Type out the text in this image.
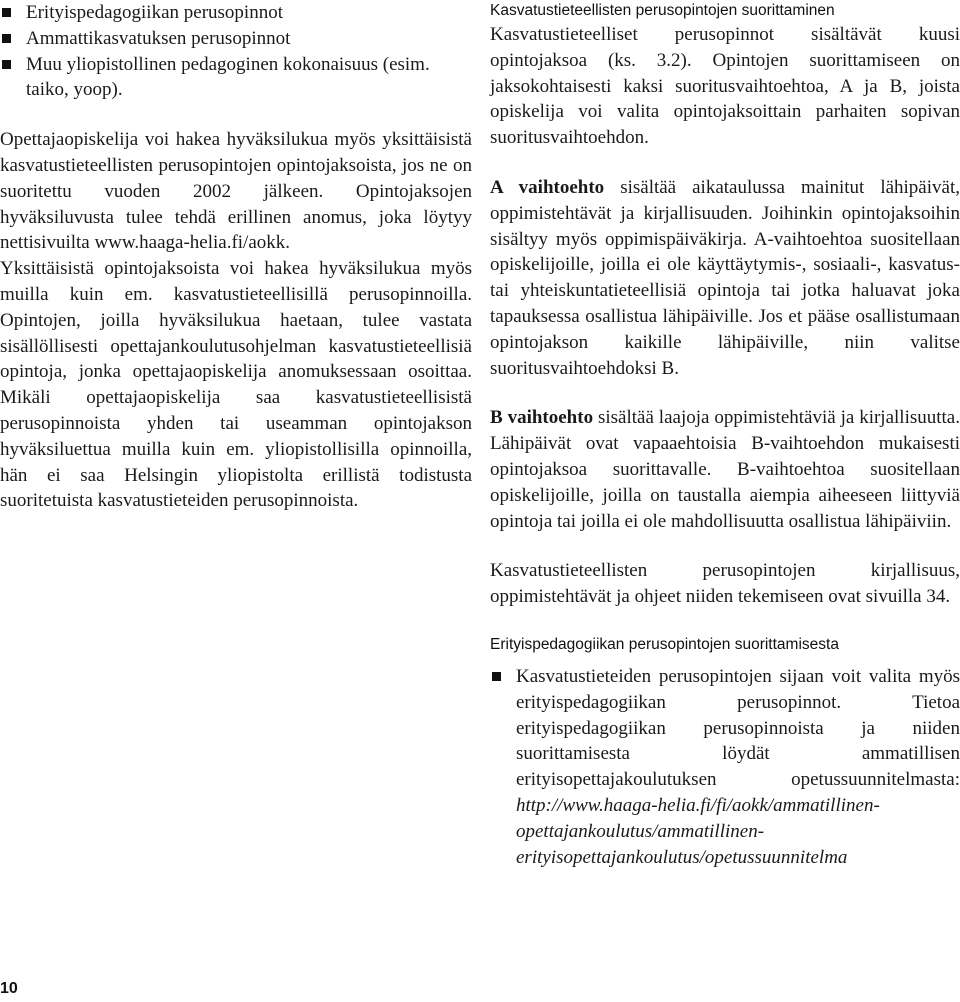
Erityispedagogiikan perusopinnot
Ammattikasvatuksen perusopinnot
Muu yliopistollinen pedagoginen kokonaisuus (esim. taiko, yoop).

Opettajaopiskelija voi hakea hyväksilukua myös yksittäisistä kasvatustieteellisten perusopintojen opintojaksoista, jos ne on suoritettu vuoden 2002 jälkeen. Opintojaksojen hyväksiluvusta tulee tehdä erillinen anomus, joka löytyy nettisivuilta www.haaga-helia.fi/aokk.

Yksittäisistä opintojaksoista voi hakea hyväksilukua myös muilla kuin em. kasvatustieteellisillä perusopinnoilla. Opintojen, joilla hyväksilukua haetaan, tulee vastata sisällöllisesti opettajankoulutusohjelman kasvatustieteellisiä opintoja, jonka opettajaopiskelija anomuksessaan osoittaa. Mikäli opettajaopiskelija saa kasvatustieteellisistä perusopinnoista yhden tai useamman opintojakson hyväksiluettua muilla kuin em. yliopistollisilla opinnoilla, hän ei saa Helsingin yliopistolta erillistä todistusta suoritetuista kasvatustieteiden perusopinnoista.

Kasvatustieteellisten perusopintojen suorittaminen

Kasvatustieteelliset perusopinnot sisältävät kuusi opintojaksoa (ks. 3.2). Opintojen suorittamiseen on jaksokohtaisesti kaksi suoritusvaihtoehtoa, A ja B, joista opiskelija voi valita opintojaksoittain parhaiten sopivan suoritusvaihtoehdon.

A vaihtoehto sisältää aikataulussa mainitut lähipäivät, oppimistehtävät ja kirjallisuuden. Joihinkin opintojaksoihin sisältyy myös oppimispäiväkirja. A-vaihtoehtoa suositellaan opiskelijoille, joilla ei ole käyttäytymis-, sosiaali-, kasvatus- tai yhteiskuntatieteellisiä opintoja tai jotka haluavat joka tapauksessa osallistua lähipäiville. Jos et pääse osallistumaan opintojakson kaikille lähipäiville, niin valitse suoritusvaihtoehdoksi B.

B vaihtoehto sisältää laajoja oppimistehtäviä ja kirjallisuutta. Lähipäivät ovat vapaaehtoisia B-vaihtoehdon mukaisesti opintojaksoa suorittavalle. B-vaihtoehtoa suositellaan opiskelijoille, joilla on taustalla aiempia aiheeseen liittyviä opintoja tai joilla ei ole mahdollisuutta osallistua lähipäiviin.

Kasvatustieteellisten perusopintojen kirjallisuus, oppimistehtävät ja ohjeet niiden tekemiseen ovat sivuilla 34.

Erityispedagogiikan perusopintojen suorittamisesta
Kasvatustieteiden perusopintojen sijaan voit valita myös erityispedagogiikan perusopinnot. Tietoa erityispedagogiikan perusopinnoista ja niiden suorittamisesta löydät ammatillisen erityisopettajakoulutuksen opetussuunnitelmasta: http://www.haaga-helia.fi/fi/aokk/ammatillinen-opettajankoulutus/ammatillinen-erityisopettajankoulutus/opetussuunnitelma
10
